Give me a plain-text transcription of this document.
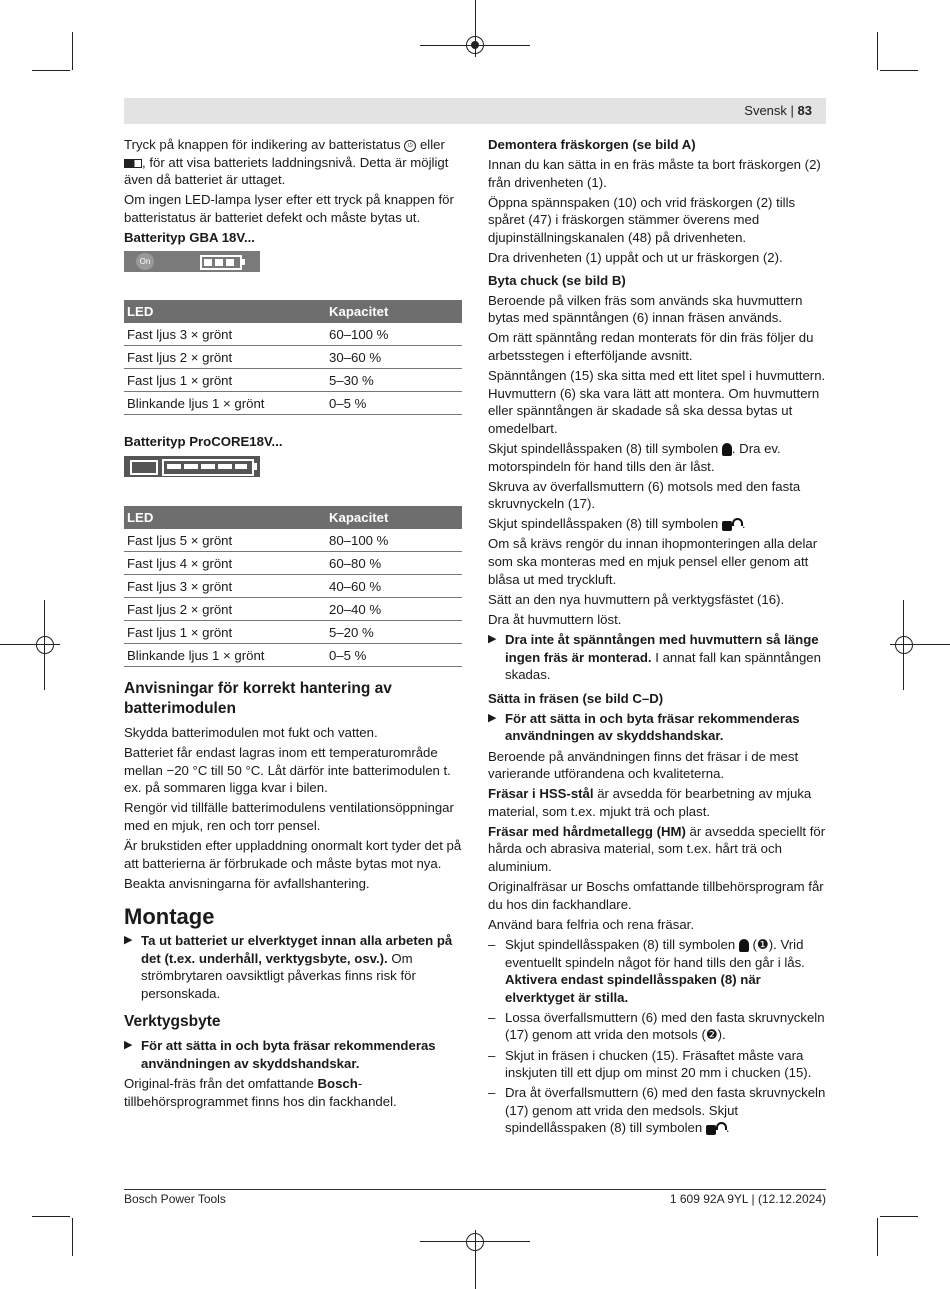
Svensk | 83

Tryck på knappen för indikering av batteristatus ⏻ eller , för att visa batteriets laddningsnivå. Detta är möjligt även då batteriet är uttaget.

Om ingen LED-lampa lyser efter ett tryck på knappen för batteristatus är batteriet defekt och måste bytas ut.

Batterityp GBA 18V...

On
LED	Kapacitet
Fast ljus 3 × grönt	60–100 %
Fast ljus 2 × grönt	30–60 %
Fast ljus 1 × grönt	5–30 %
Blinkande ljus 1 × grönt	0–5 %

Batterityp ProCORE18V...

LED	Kapacitet
Fast ljus 5 × grönt	80–100 %
Fast ljus 4 × grönt	60–80 %
Fast ljus 3 × grönt	40–60 %
Fast ljus 2 × grönt	20–40 %
Fast ljus 1 × grönt	5–20 %
Blinkande ljus 1 × grönt	0–5 %

Anvisningar för korrekt hantering av batterimodulen

Skydda batterimodulen mot fukt och vatten.

Batteriet får endast lagras inom ett temperaturområde mellan −20 °C till 50 °C. Låt därför inte batterimodulen t. ex. på sommaren ligga kvar i bilen.

Rengör vid tillfälle batterimodulens ventilationsöppningar med en mjuk, ren och torr pensel.

Är brukstiden efter uppladdning onormalt kort tyder det på att batterierna är förbrukade och måste bytas mot nya.

Beakta anvisningarna för avfallshantering.

Montage

▶ Ta ut batteriet ur elverktyget innan alla arbeten på det (t.ex. underhåll, verktygsbyte, osv.). Om strömbrytaren oavsiktligt påverkas finns risk för personskada.

Verktygsbyte

▶ För att sätta in och byta fräsar rekommenderas användningen av skyddshandskar.

Original-fräs från det omfattande Bosch-tillbehörsprogrammet finns hos din fackhandel.

Demontera fräskorgen (se bild A)

Innan du kan sätta in en fräs måste ta bort fräskorgen (2) från drivenheten (1).

Öppna spännspaken (10) och vrid fräskorgen (2) tills spåret (47) i fräskorgen stämmer överens med djupinställningskanalen (48) på drivenheten.

Dra drivenheten (1) uppåt och ut ur fräskorgen (2).

Byta chuck (se bild B)

Beroende på vilken fräs som används ska huvmuttern bytas med spänntången (6) innan fräsen används.

Om rätt spänntång redan monterats för din fräs följer du arbetsstegen i efterföljande avsnitt.

Spänntången (15) ska sitta med ett litet spel i huvmuttern. Huvmuttern (6) ska vara lätt att montera. Om huvmuttern eller spänntången är skadade så ska dessa bytas ut omedelbart.

Skjut spindellåsspaken (8) till symbolen . Dra ev. motorspindeln för hand tills den är låst.

Skruva av överfallsmuttern (6) motsols med den fasta skruvnyckeln (17).

Skjut spindellåsspaken (8) till symbolen .

Om så krävs rengör du innan ihopmonteringen alla delar som ska monteras med en mjuk pensel eller genom att blåsa ut med tryckluft.

Sätt an den nya huvmuttern på verktygsfästet (16).

Dra åt huvmuttern löst.

▶ Dra inte åt spänntången med huvmuttern så länge ingen fräs är monterad. I annat fall kan spänntången skadas.

Sätta in fräsen (se bild C–D)

▶ För att sätta in och byta fräsar rekommenderas användningen av skyddshandskar.

Beroende på användningen finns det fräsar i de mest varierande utförandena och kvaliteterna.

Fräsar i HSS-stål är avsedda för bearbetning av mjuka material, som t.ex. mjukt trä och plast.

Fräsar med hårdmetallegg (HM) är avsedda speciellt för hårda och abrasiva material, som t.ex. hårt trä och aluminium.

Originalfräsar ur Boschs omfattande tillbehörsprogram får du hos din fackhandlare.

Använd bara felfria och rena fräsar.

– Skjut spindellåsspaken (8) till symbolen (❶). Vrid eventuellt spindeln något för hand tills den går i lås. Aktivera endast spindellåsspaken (8) när elverktyget är stilla.

– Lossa överfallsmuttern (6) med den fasta skruvnyckeln (17) genom att vrida den motsols (❷).

– Skjut in fräsen i chucken (15). Fräsaftet måste vara inskjuten till ett djup om minst 20 mm i chucken (15).

– Dra åt överfallsmuttern (6) med den fasta skruvnyckeln (17) genom att vrida den medsols. Skjut spindellåsspaken (8) till symbolen .

Bosch Power Tools	1 609 92A 9YL | (12.12.2024)
